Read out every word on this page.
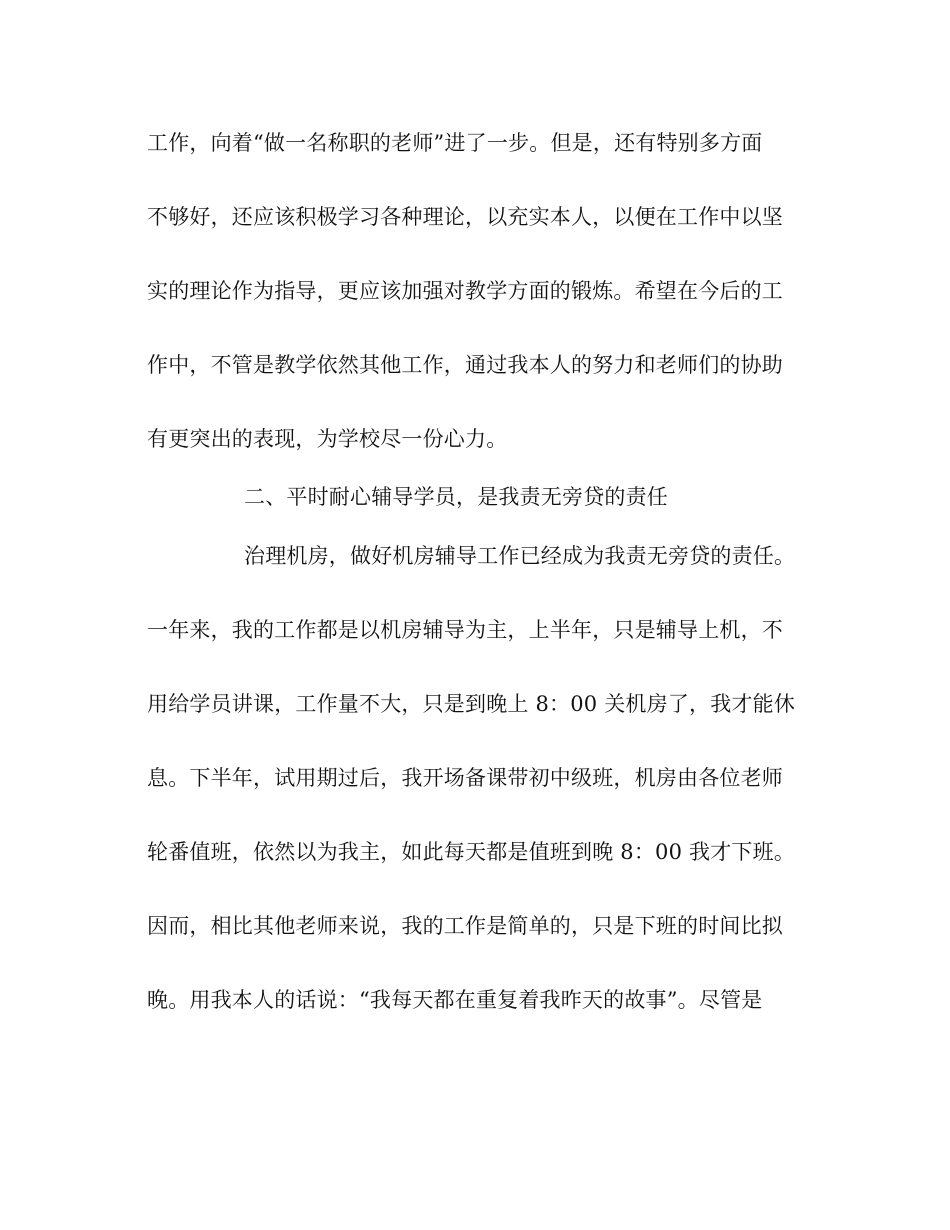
工作，向着“做一名称职的老师”进了一步。但是，还有特别多方面
不够好，还应该积极学习各种理论，以充实本人，以便在工作中以坚
实的理论作为指导，更应该加强对教学方面的锻炼。希望在今后的工
作中，不管是教学依然其他工作，通过我本人的努力和老师们的协助
有更突出的表现，为学校尽一份心力。
二、平时耐心辅导学员，是我责无旁贷的责任
治理机房，做好机房辅导工作已经成为我责无旁贷的责任。
一年来，我的工作都是以机房辅导为主，上半年，只是辅导上机，不
用给学员讲课，工作量不大，只是到晚上 8：00 关机房了，我才能休
息。下半年，试用期过后，我开场备课带初中级班，机房由各位老师
轮番值班，依然以为我主，如此每天都是值班到晚 8：00 我才下班。
因而，相比其他老师来说，我的工作是简单的，只是下班的时间比拟
晚。用我本人的话说：“我每天都在重复着我昨天的故事”。尽管是
